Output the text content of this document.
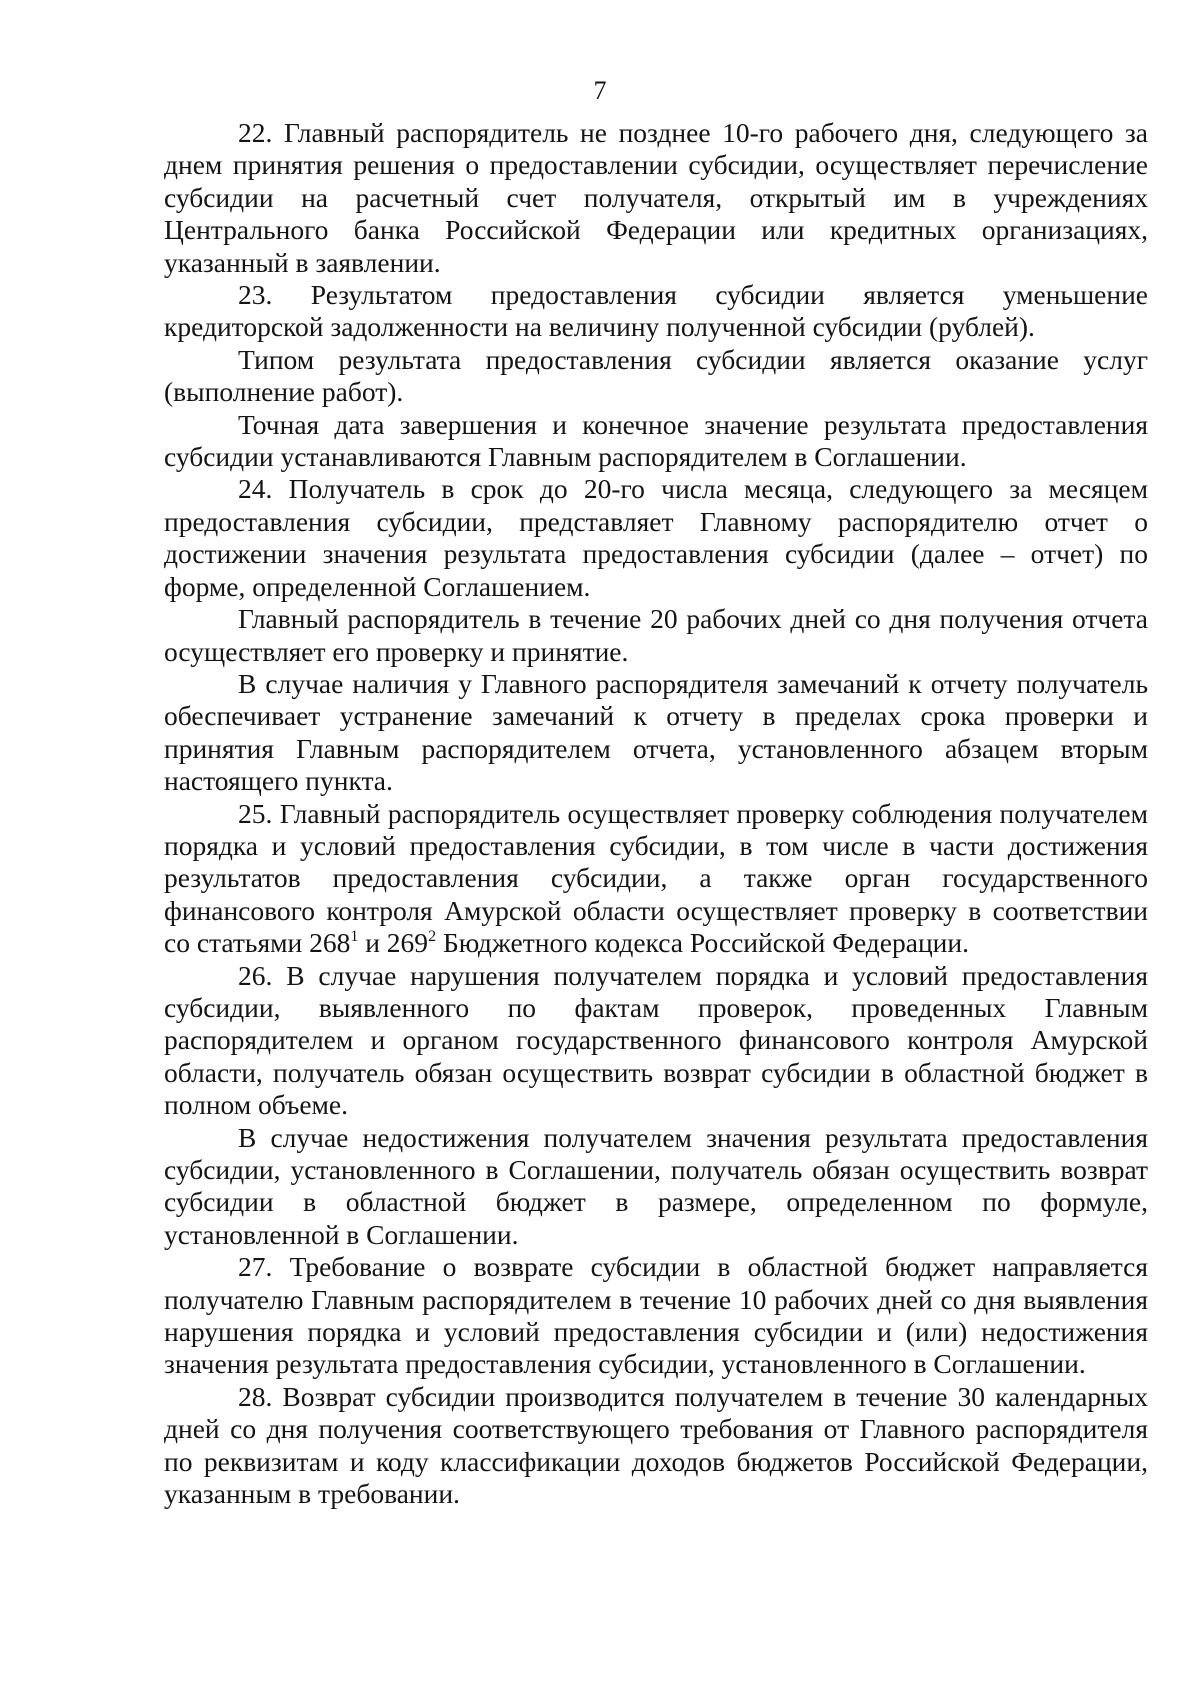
7

22. Главный распорядитель не позднее 10-го рабочего дня, следующего за днем принятия решения о предоставлении субсидии, осуществляет перечисление субсидии на расчетный счет получателя, открытый им в учреждениях Центрального банка Российской Федерации или кредитных организациях, указанный в заявлении.

23. Результатом предоставления субсидии является уменьшение кредиторской задолженности на величину полученной субсидии (рублей).

Типом результата предоставления субсидии является оказание услуг (выполнение работ).

Точная дата завершения и конечное значение результата предоставления субсидии устанавливаются Главным распорядителем в Соглашении.

24. Получатель в срок до 20-го числа месяца, следующего за месяцем предоставления субсидии, представляет Главному распорядителю отчет о достижении значения результата предоставления субсидии (далее – отчет) по форме, определенной Соглашением.

Главный распорядитель в течение 20 рабочих дней со дня получения отчета осуществляет его проверку и принятие.

В случае наличия у Главного распорядителя замечаний к отчету получатель обеспечивает устранение замечаний к отчету в пределах срока проверки и принятия Главным распорядителем отчета, установленного абзацем вторым настоящего пункта.

25. Главный распорядитель осуществляет проверку соблюдения получателем порядка и условий предоставления субсидии, в том числе в части достижения результатов предоставления субсидии, а также орган государственного финансового контроля Амурской области осуществляет проверку в соответствии со статьями $268^1$ и $269^2$ Бюджетного кодекса Российской Федерации.

26. В случае нарушения получателем порядка и условий предоставления субсидии, выявленного по фактам проверок, проведенных Главным распорядителем и органом государственного финансового контроля Амурской области, получатель обязан осуществить возврат субсидии в областной бюджет в полном объеме.

В случае недостижения получателем значения результата предоставления субсидии, установленного в Соглашении, получатель обязан осуществить возврат субсидии в областной бюджет в размере, определенном по формуле, установленной в Соглашении.

27. Требование о возврате субсидии в областной бюджет направляется получателю Главным распорядителем в течение 10 рабочих дней со дня выявления нарушения порядка и условий предоставления субсидии и (или) недостижения значения результата предоставления субсидии, установленного в Соглашении.

28. Возврат субсидии производится получателем в течение 30 календарных дней со дня получения соответствующего требования от Главного распорядителя по реквизитам и коду классификации доходов бюджетов Российской Федерации, указанным в требовании.
